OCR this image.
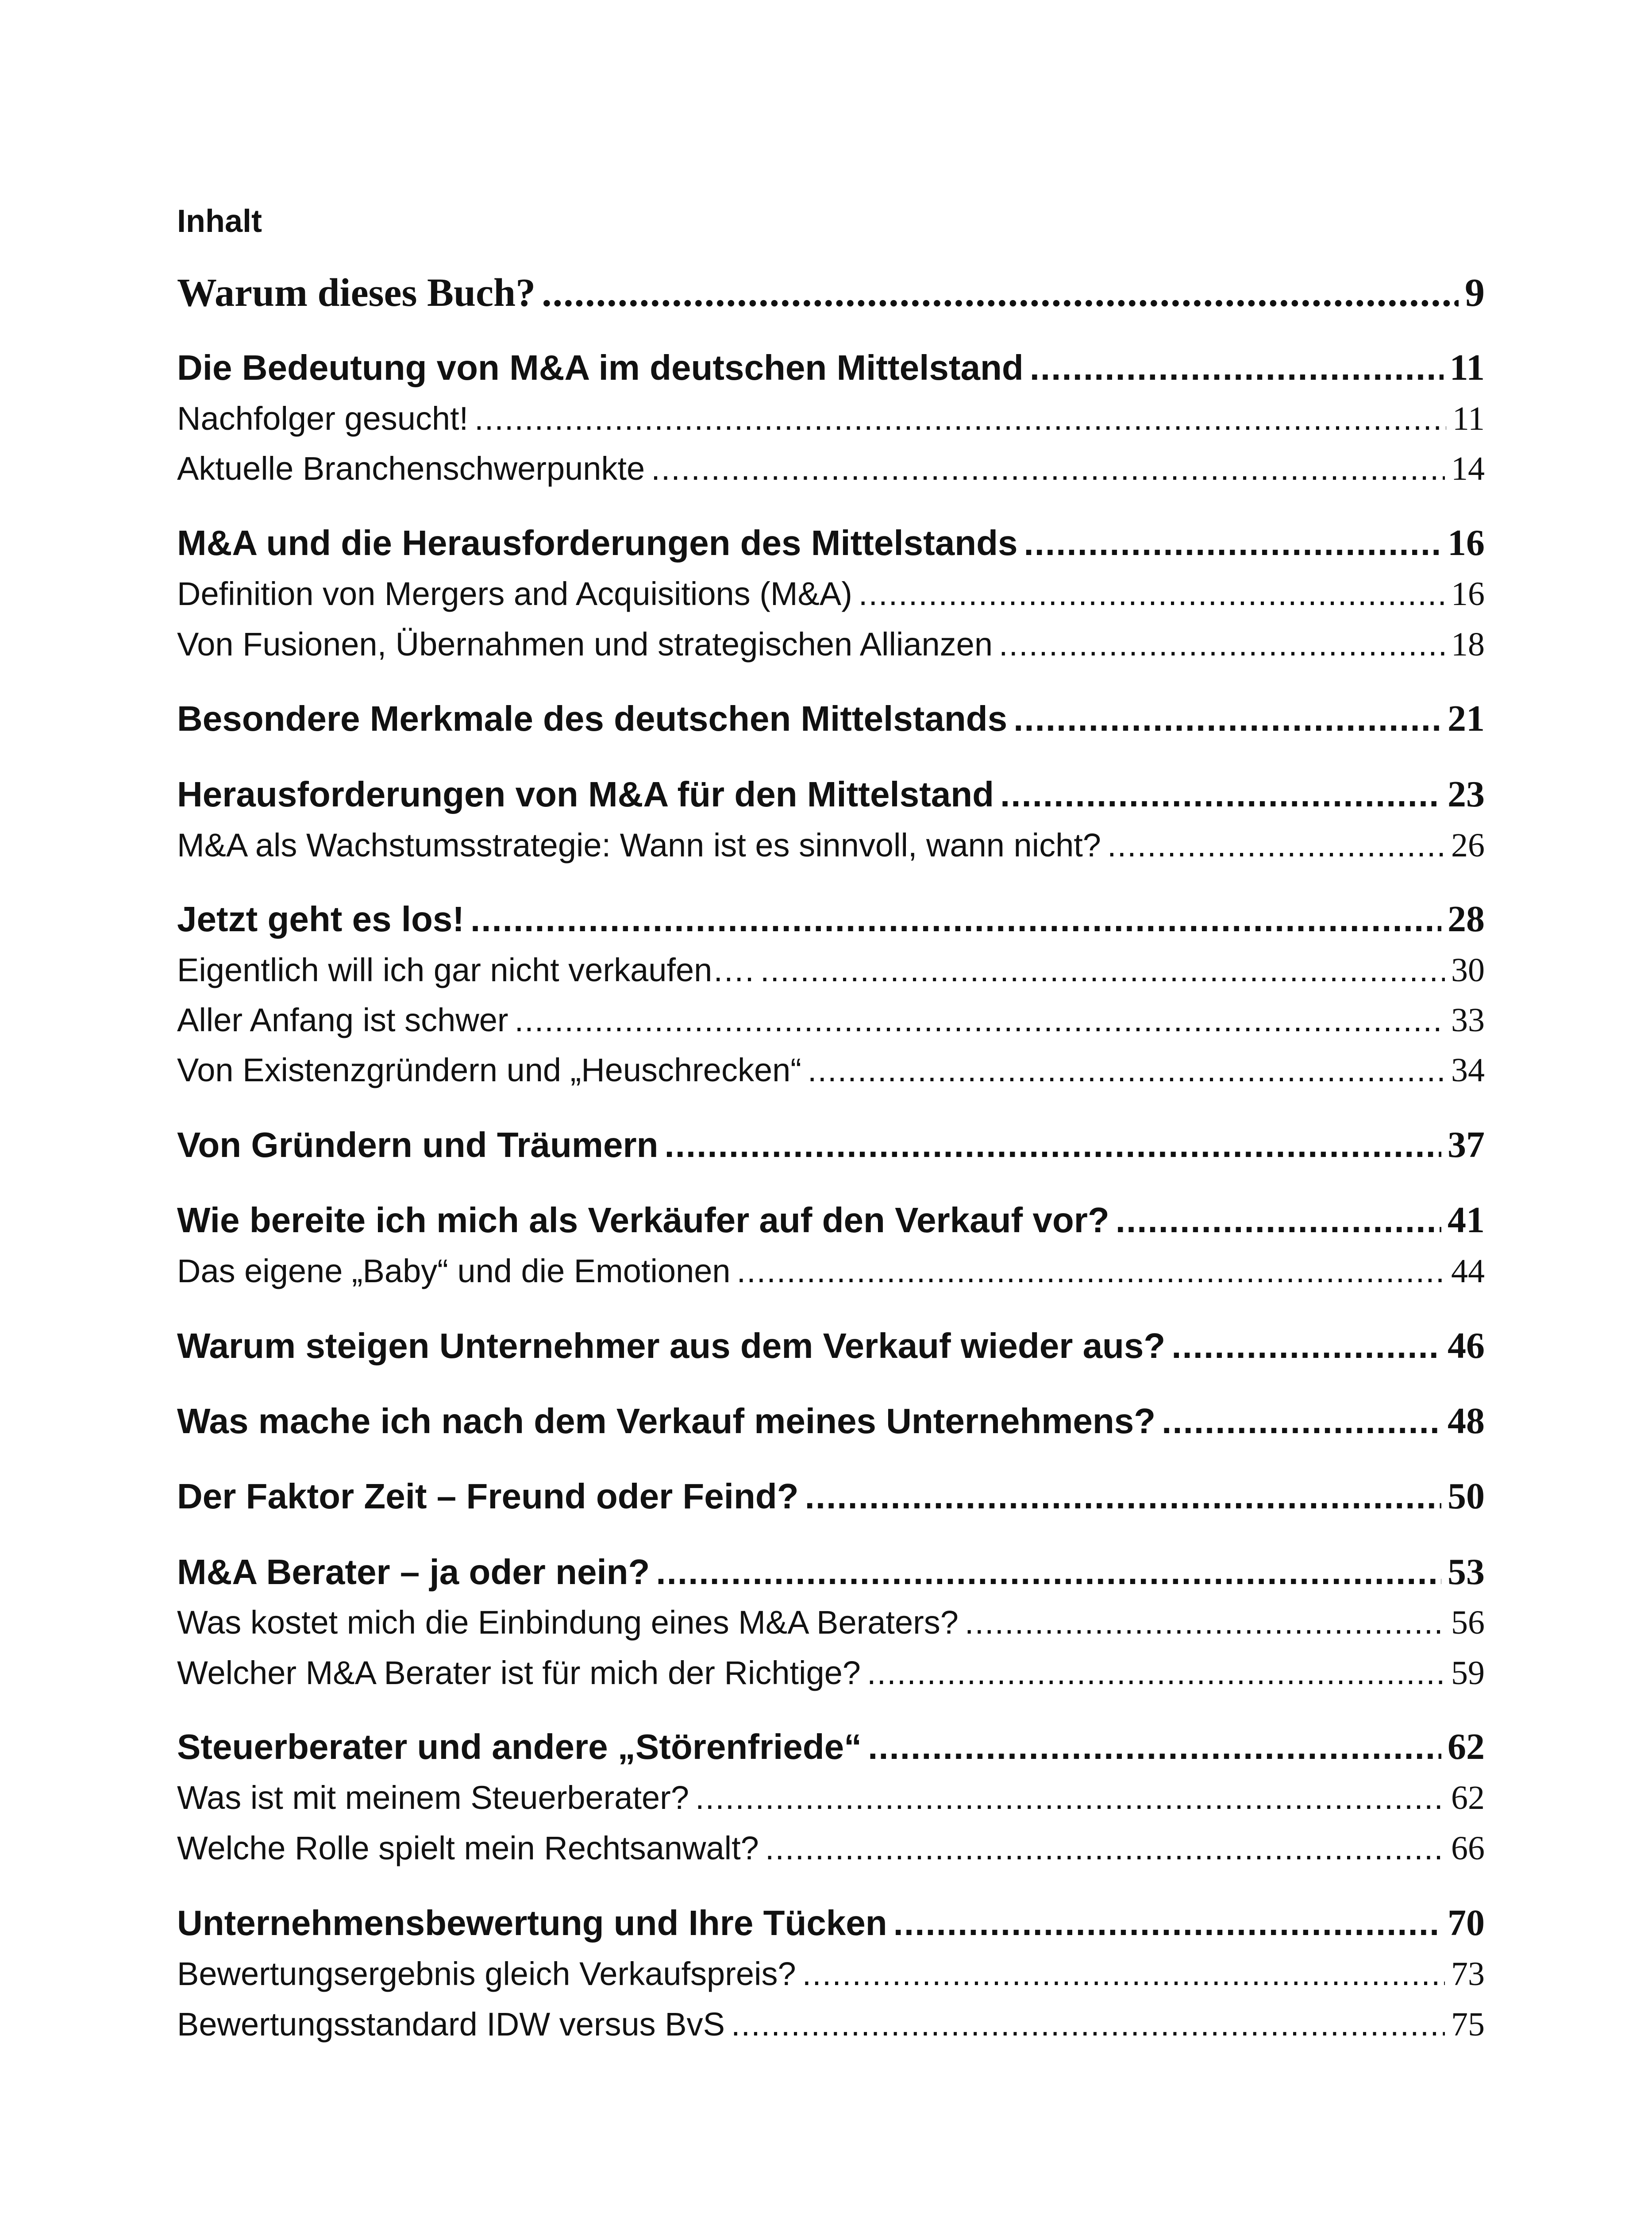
Inhalt
Warum dieses Buch? .....	9
Die Bedeutung von M&A im deutschen Mittelstand .....	11
Nachfolger gesucht! .....	11
Aktuelle Branchenschwerpunkte .....	14
M&A und die Herausforderungen des Mittelstands .....	16
Definition von Mergers and Acquisitions (M&A) .....	16
Von Fusionen, Übernahmen und strategischen Allianzen .....	18
Besondere Merkmale des deutschen Mittelstands .....	21
Herausforderungen von M&A für den Mittelstand .....	23
M&A als Wachstumsstrategie: Wann ist es sinnvoll, wann nicht? .....	26
Jetzt geht es los! .....	28
Eigentlich will ich gar nicht verkaufen…. .....	30
Aller Anfang ist schwer .....	33
Von Existenzgründern und „Heuschrecken“ .....	34
Von Gründern und Träumern .....	37
Wie bereite ich mich als Verkäufer auf den Verkauf vor? .....	41
Das eigene „Baby“ und die Emotionen .....	44
Warum steigen Unternehmer aus dem Verkauf wieder aus? .....	46
Was mache ich nach dem Verkauf meines Unternehmens? .....	48
Der Faktor Zeit – Freund oder Feind? .....	50
M&A Berater – ja oder nein? .....	53
Was kostet mich die Einbindung eines M&A Beraters? .....	56
Welcher M&A Berater ist für mich der Richtige? .....	59
Steuerberater und andere „Störenfriede“ .....	62
Was ist mit meinem Steuerberater? .....	62
Welche Rolle spielt mein Rechtsanwalt? .....	66
Unternehmensbewertung und Ihre Tücken .....	70
Bewertungsergebnis gleich Verkaufspreis? .....	73
Bewertungsstandard IDW versus BvS .....	75
